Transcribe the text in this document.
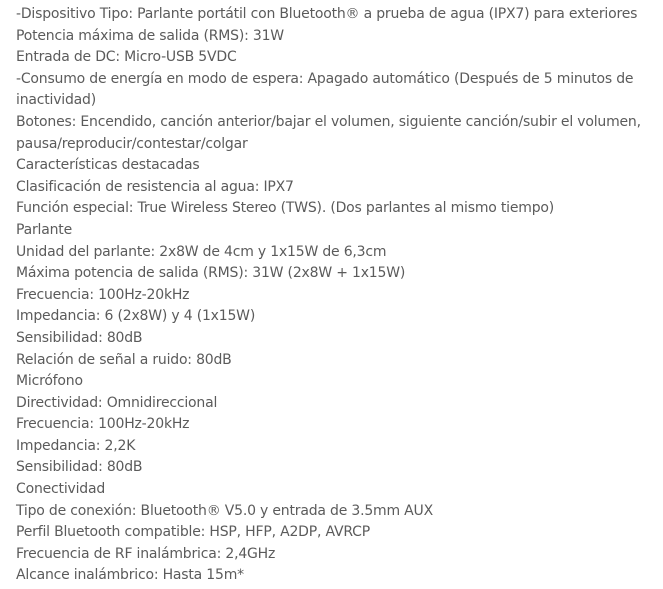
-Dispositivo Tipo: Parlante portátil con Bluetooth® a prueba de agua (IPX7) para exteriores
Potencia máxima de salida (RMS): 31W
Entrada de DC: Micro-USB 5VDC
-Consumo de energía en modo de espera: Apagado automático (Después de 5 minutos de inactividad)
Botones: Encendido, canción anterior/bajar el volumen, siguiente canción/subir el volumen, pausa/reproducir/contestar/colgar
Características destacadas
Clasificación de resistencia al agua: IPX7
Función especial: True Wireless Stereo (TWS). (Dos parlantes al mismo tiempo)
Parlante
Unidad del parlante: 2x8W de 4cm y 1x15W de 6,3cm
Máxima potencia de salida (RMS): 31W (2x8W + 1x15W)
Frecuencia: 100Hz-20kHz
Impedancia: 6 (2x8W) y 4 (1x15W)
Sensibilidad: 80dB
Relación de señal a ruido: 80dB
Micrófono
Directividad: Omnidireccional
Frecuencia: 100Hz-20kHz
Impedancia: 2,2K
Sensibilidad: 80dB
Conectividad
Tipo de conexión: Bluetooth® V5.0 y entrada de 3.5mm AUX
Perfil Bluetooth compatible: HSP, HFP, A2DP, AVRCP
Frecuencia de RF inalámbrica: 2,4GHz
Alcance inalámbrico: Hasta 15m*
